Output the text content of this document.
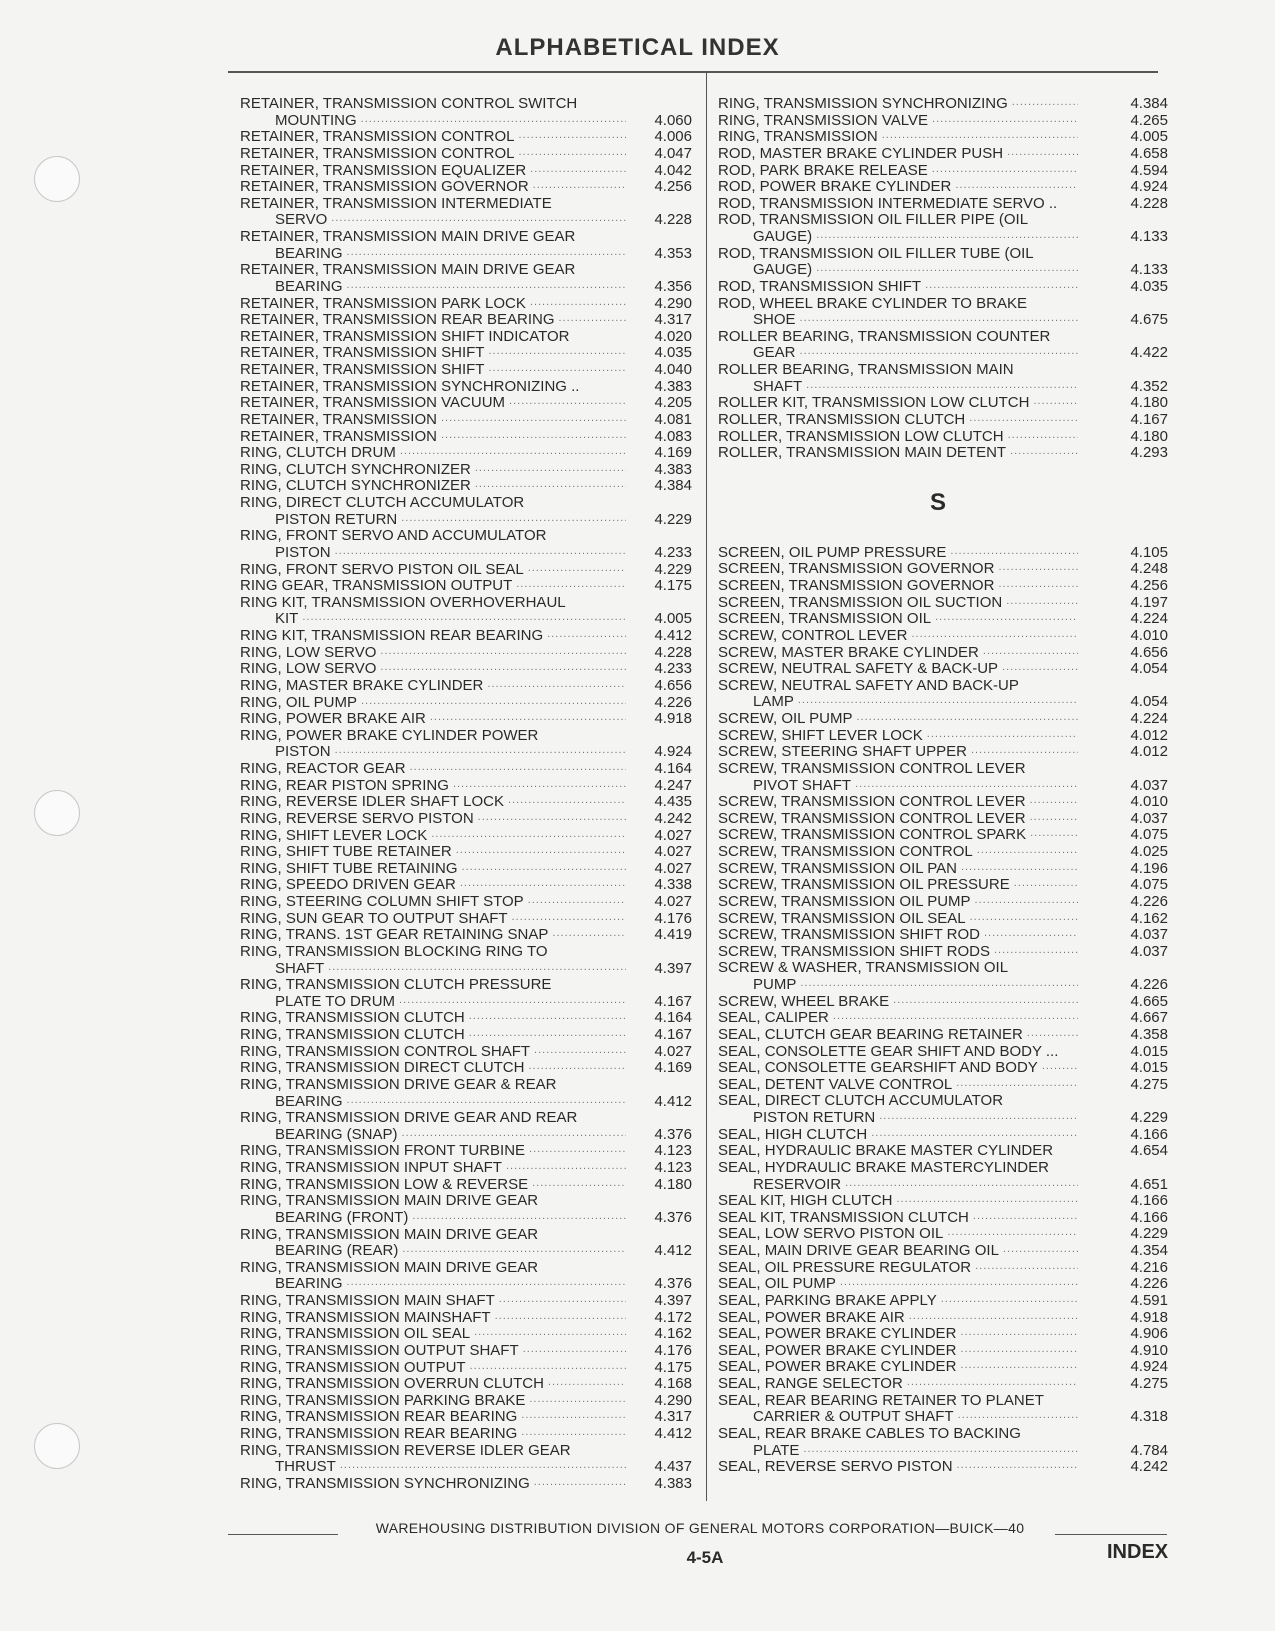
ALPHABETICAL INDEX
RETAINER, TRANSMISSION CONTROL SWITCH
MOUNTING .....	4.060
RETAINER, TRANSMISSION CONTROL .....	4.006
RETAINER, TRANSMISSION CONTROL .....	4.047
RETAINER, TRANSMISSION EQUALIZER .....	4.042
RETAINER, TRANSMISSION GOVERNOR .....	4.256
RETAINER, TRANSMISSION INTERMEDIATE
SERVO .....	4.228
RETAINER, TRANSMISSION MAIN DRIVE GEAR
BEARING .....	4.353
RETAINER, TRANSMISSION MAIN DRIVE GEAR
BEARING .....	4.356
RETAINER, TRANSMISSION PARK LOCK .....	4.290
RETAINER, TRANSMISSION REAR BEARING .....	4.317
RETAINER, TRANSMISSION SHIFT INDICATOR	4.020
RETAINER, TRANSMISSION SHIFT .....	4.035
RETAINER, TRANSMISSION SHIFT .....	4.040
RETAINER, TRANSMISSION SYNCHRONIZING ..	4.383
RETAINER, TRANSMISSION VACUUM .....	4.205
RETAINER, TRANSMISSION .....	4.081
RETAINER, TRANSMISSION .....	4.083
RING, CLUTCH DRUM .....	4.169
RING, CLUTCH SYNCHRONIZER .....	4.383
RING, CLUTCH SYNCHRONIZER .....	4.384
RING, DIRECT CLUTCH ACCUMULATOR
PISTON RETURN .....	4.229
RING, FRONT SERVO AND ACCUMULATOR
PISTON .....	4.233
RING, FRONT SERVO PISTON OIL SEAL .....	4.229
RING GEAR, TRANSMISSION OUTPUT .....	4.175
RING KIT, TRANSMISSION OVERHOVERHAUL
KIT .....	4.005
RING KIT, TRANSMISSION REAR BEARING .....	4.412
RING, LOW SERVO .....	4.228
RING, LOW SERVO .....	4.233
RING, MASTER BRAKE CYLINDER .....	4.656
RING, OIL PUMP .....	4.226
RING, POWER BRAKE AIR .....	4.918
RING, POWER BRAKE CYLINDER POWER
PISTON .....	4.924
RING, REACTOR GEAR .....	4.164
RING, REAR PISTON SPRING .....	4.247
RING, REVERSE IDLER SHAFT LOCK .....	4.435
RING, REVERSE SERVO PISTON .....	4.242
RING, SHIFT LEVER LOCK .....	4.027
RING, SHIFT TUBE RETAINER .....	4.027
RING, SHIFT TUBE RETAINING .....	4.027
RING, SPEEDO DRIVEN GEAR .....	4.338
RING, STEERING COLUMN SHIFT STOP .....	4.027
RING, SUN GEAR TO OUTPUT SHAFT .....	4.176
RING, TRANS. 1ST GEAR RETAINING SNAP .....	4.419
RING, TRANSMISSION BLOCKING RING TO
SHAFT .....	4.397
RING, TRANSMISSION CLUTCH PRESSURE
PLATE TO DRUM .....	4.167
RING, TRANSMISSION CLUTCH .....	4.164
RING, TRANSMISSION CLUTCH .....	4.167
RING, TRANSMISSION CONTROL SHAFT .....	4.027
RING, TRANSMISSION DIRECT CLUTCH .....	4.169
RING, TRANSMISSION DRIVE GEAR & REAR
BEARING .....	4.412
RING, TRANSMISSION DRIVE GEAR AND REAR
BEARING (SNAP) .....	4.376
RING, TRANSMISSION FRONT TURBINE .....	4.123
RING, TRANSMISSION INPUT SHAFT .....	4.123
RING, TRANSMISSION LOW & REVERSE .....	4.180
RING, TRANSMISSION MAIN DRIVE GEAR
BEARING (FRONT) .....	4.376
RING, TRANSMISSION MAIN DRIVE GEAR
BEARING (REAR) .....	4.412
RING, TRANSMISSION MAIN DRIVE GEAR
BEARING .....	4.376
RING, TRANSMISSION MAIN SHAFT .....	4.397
RING, TRANSMISSION MAINSHAFT .....	4.172
RING, TRANSMISSION OIL SEAL .....	4.162
RING, TRANSMISSION OUTPUT SHAFT .....	4.176
RING, TRANSMISSION OUTPUT .....	4.175
RING, TRANSMISSION OVERRUN CLUTCH .....	4.168
RING, TRANSMISSION PARKING BRAKE .....	4.290
RING, TRANSMISSION REAR BEARING .....	4.317
RING, TRANSMISSION REAR BEARING .....	4.412
RING, TRANSMISSION REVERSE IDLER GEAR
THRUST .....	4.437
RING, TRANSMISSION SYNCHRONIZING .....	4.383
RING, TRANSMISSION SYNCHRONIZING .....	4.384
RING, TRANSMISSION VALVE .....	4.265
RING, TRANSMISSION .....	4.005
ROD, MASTER BRAKE CYLINDER PUSH .....	4.658
ROD, PARK BRAKE RELEASE .....	4.594
ROD, POWER BRAKE CYLINDER .....	4.924
ROD, TRANSMISSION INTERMEDIATE SERVO ..	4.228
ROD, TRANSMISSION OIL FILLER PIPE (OIL
GAUGE) .....	4.133
ROD, TRANSMISSION OIL FILLER TUBE (OIL
GAUGE) .....	4.133
ROD, TRANSMISSION SHIFT .....	4.035
ROD, WHEEL BRAKE CYLINDER TO BRAKE
SHOE .....	4.675
ROLLER BEARING, TRANSMISSION COUNTER
GEAR .....	4.422
ROLLER BEARING, TRANSMISSION MAIN
SHAFT .....	4.352
ROLLER KIT, TRANSMISSION LOW CLUTCH .....	4.180
ROLLER, TRANSMISSION CLUTCH .....	4.167
ROLLER, TRANSMISSION LOW CLUTCH .....	4.180
ROLLER, TRANSMISSION MAIN DETENT .....	4.293
S
SCREEN, OIL PUMP PRESSURE .....	4.105
SCREEN, TRANSMISSION GOVERNOR .....	4.248
SCREEN, TRANSMISSION GOVERNOR .....	4.256
SCREEN, TRANSMISSION OIL SUCTION .....	4.197
SCREEN, TRANSMISSION OIL .....	4.224
SCREW, CONTROL LEVER .....	4.010
SCREW, MASTER BRAKE CYLINDER .....	4.656
SCREW, NEUTRAL SAFETY & BACK-UP .....	4.054
SCREW, NEUTRAL SAFETY AND BACK-UP
LAMP .....	4.054
SCREW, OIL PUMP .....	4.224
SCREW, SHIFT LEVER LOCK .....	4.012
SCREW, STEERING SHAFT UPPER .....	4.012
SCREW, TRANSMISSION CONTROL LEVER
PIVOT SHAFT .....	4.037
SCREW, TRANSMISSION CONTROL LEVER .....	4.010
SCREW, TRANSMISSION CONTROL LEVER .....	4.037
SCREW, TRANSMISSION CONTROL SPARK .....	4.075
SCREW, TRANSMISSION CONTROL .....	4.025
SCREW, TRANSMISSION OIL PAN .....	4.196
SCREW, TRANSMISSION OIL PRESSURE .....	4.075
SCREW, TRANSMISSION OIL PUMP .....	4.226
SCREW, TRANSMISSION OIL SEAL .....	4.162
SCREW, TRANSMISSION SHIFT ROD .....	4.037
SCREW, TRANSMISSION SHIFT RODS .....	4.037
SCREW & WASHER, TRANSMISSION OIL
PUMP .....	4.226
SCREW, WHEEL BRAKE .....	4.665
SEAL, CALIPER .....	4.667
SEAL, CLUTCH GEAR BEARING RETAINER .....	4.358
SEAL, CONSOLETTE GEAR SHIFT AND BODY ...	4.015
SEAL, CONSOLETTE GEARSHIFT AND BODY .....	4.015
SEAL, DETENT VALVE CONTROL .....	4.275
SEAL, DIRECT CLUTCH ACCUMULATOR
PISTON RETURN .....	4.229
SEAL, HIGH CLUTCH .....	4.166
SEAL, HYDRAULIC BRAKE MASTER CYLINDER	4.654
SEAL, HYDRAULIC BRAKE MASTERCYLINDER
RESERVOIR .....	4.651
SEAL KIT, HIGH CLUTCH .....	4.166
SEAL KIT, TRANSMISSION CLUTCH .....	4.166
SEAL, LOW SERVO PISTON OIL .....	4.229
SEAL, MAIN DRIVE GEAR BEARING OIL .....	4.354
SEAL, OIL PRESSURE REGULATOR .....	4.216
SEAL, OIL PUMP .....	4.226
SEAL, PARKING BRAKE APPLY .....	4.591
SEAL, POWER BRAKE AIR .....	4.918
SEAL, POWER BRAKE CYLINDER .....	4.906
SEAL, POWER BRAKE CYLINDER .....	4.910
SEAL, POWER BRAKE CYLINDER .....	4.924
SEAL, RANGE SELECTOR .....	4.275
SEAL, REAR BEARING RETAINER TO PLANET
CARRIER & OUTPUT SHAFT .....	4.318
SEAL, REAR BRAKE CABLES TO BACKING
PLATE .....	4.784
SEAL, REVERSE SERVO PISTON .....	4.242
WAREHOUSING DISTRIBUTION DIVISION OF GENERAL MOTORS CORPORATION—BUICK—40
4-5A	INDEX
